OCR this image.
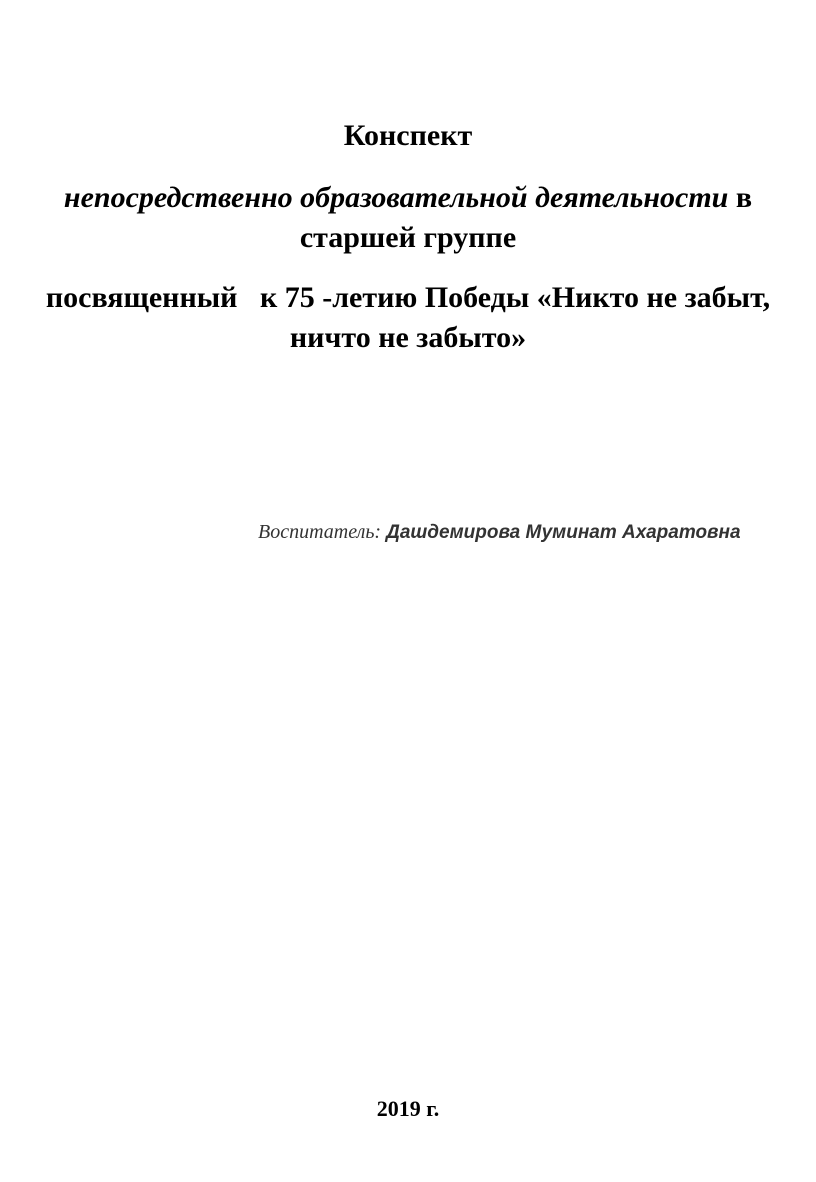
Конспект
непосредственно образовательной деятельности в
старшей группе
посвященный   к 75 -летию Победы «Никто не забыт,
ничто не забыто»
Воспитатель: Дашдемирова Муминат Ахаратовна
2019 г.
